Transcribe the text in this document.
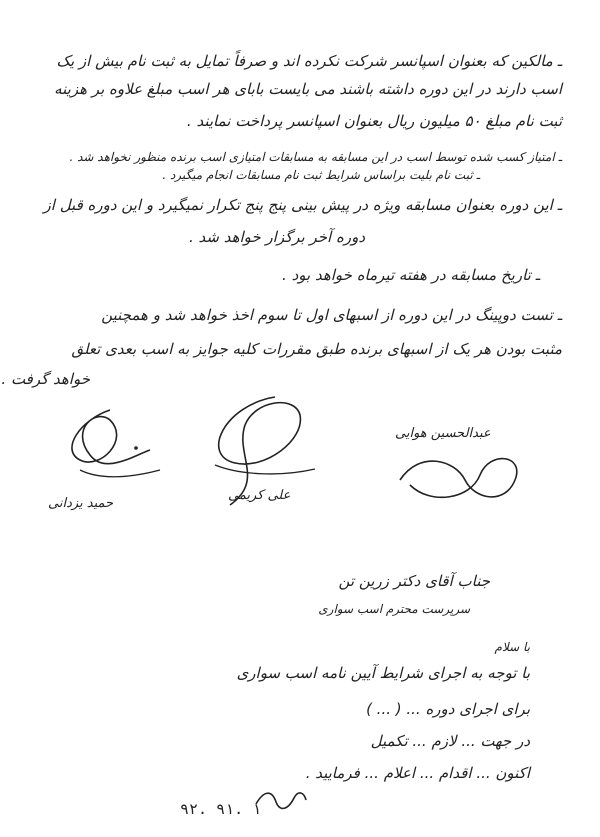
ـ مالکین که بعنوان اسپانسر شرکت نکرده اند و صرفاً تمایل به ثبت نام بیش از یک
اسب دارند در این دوره داشته باشند می بایست بابای هر اسب مبلغ علاوه بر هزینه
ثبت نام مبلغ ۵۰ میلیون ریال بعنوان اسپانسر پرداخت نمایند .
ـ امتیاز کسب شده توسط اسب در این مسابقه به مسابقات امتیازی اسب برنده منظور نخواهد شد .
ـ ثبت نام بلیت براساس شرایط ثبت نام مسابقات انجام میگیرد .
ـ این دوره بعنوان مسابقه ویژه در پیش بینی پنج پنج تکرار نمیگیرد و این دوره قبل از
دوره آخر برگزار خواهد شد .
ـ تاریخ مسابقه در هفته تیرماه خواهد بود .
ـ تست دوپینگ در این دوره از اسبهای اول تا سوم اخذ خواهد شد و همچنین
مثبت بودن هر یک از اسبهای برنده طبق مقررات کلیه جوایز به اسب بعدی تعلق
خواهد گرفت .
حمید یزدانی
علی کریمی
عبدالحسین هوایی
جناب آقای دکتر زرین تن
سرپرست محترم اسب سواری
با سلام
با توجه به اجرای شرایط آیین نامه اسب سواری
برای اجرای دوره ... ( ... )
در جهت ... لازم ... تکمیل
اکنون ... اقدام ... اعلام ... فرمایید .
۹۲. ۹۱. ۱
